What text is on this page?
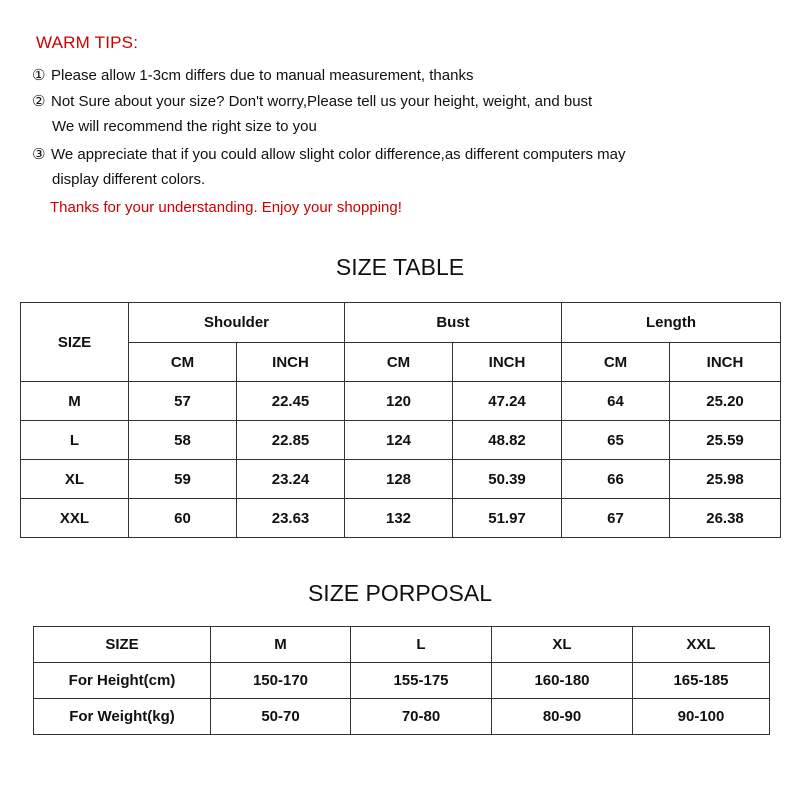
WARM TIPS:
① Please allow 1-3cm differs due to manual measurement, thanks
② Not Sure about your size? Don't worry,Please tell us your height, weight, and bust
We will recommend the right size to you
③ We appreciate that if you could allow slight color difference,as different computers may
display different colors.
Thanks for your understanding. Enjoy your shopping!
SIZE TABLE
SIZE	Shoulder		Bust		Length	
	CM	INCH	CM	INCH	CM	INCH
M	57	22.45	120	47.24	64	25.20
L	58	22.85	124	48.82	65	25.59
XL	59	23.24	128	50.39	66	25.98
XXL	60	23.63	132	51.97	67	26.38
SIZE PORPOSAL
SIZE	M	L	XL	XXL
For Height(cm)	150-170	155-175	160-180	165-185
For Weight(kg)	50-70	70-80	80-90	90-100
